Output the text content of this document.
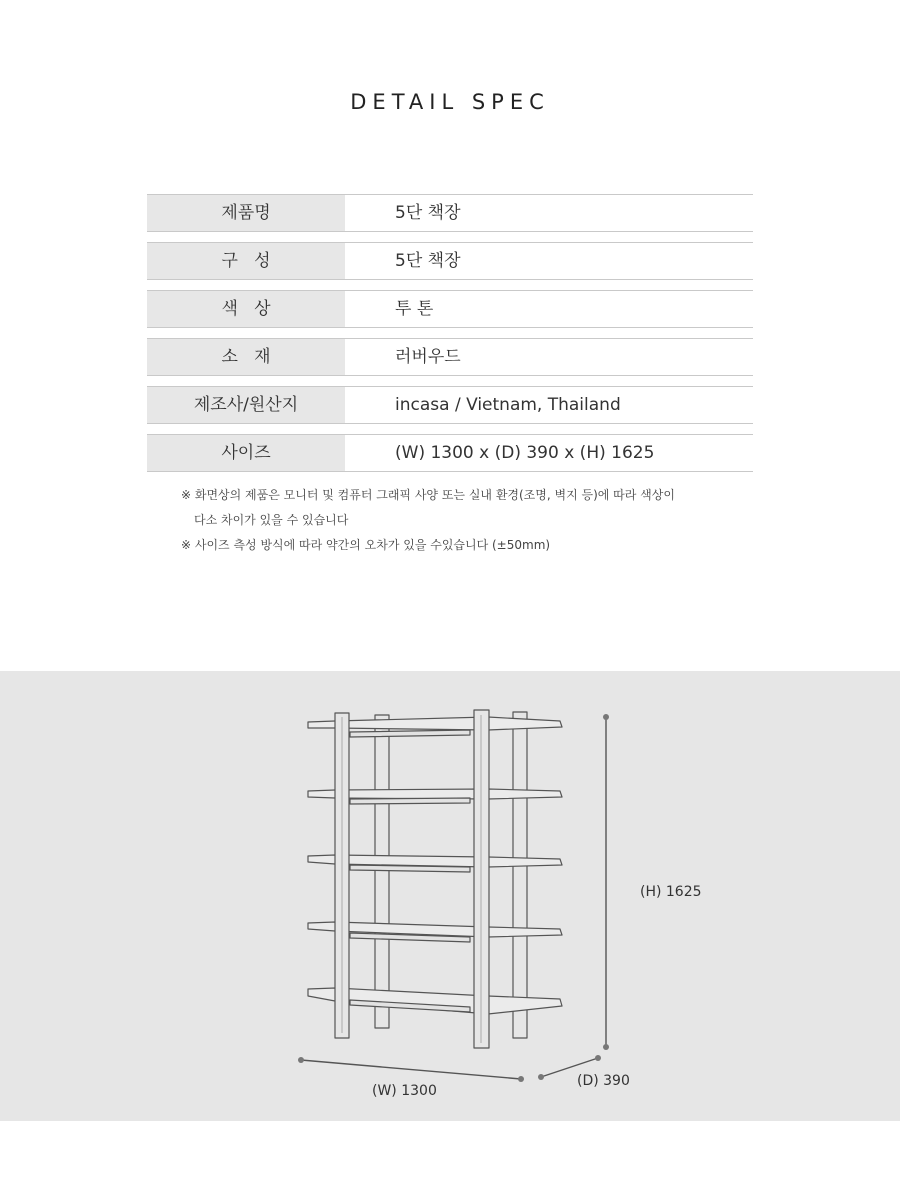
DETAIL SPEC
제품명	5단 책장
구   성	5단 책장
색   상	투 톤
소   재	러버우드
제조사/원산지	incasa / Vietnam, Thailand
사이즈	(W) 1300 x (D) 390 x (H) 1625
※ 화면상의 제품은 모니터 및 컴퓨터 그래픽 사양 또는 실내 환경(조명, 벽지 등)에 따라 색상이
다소 차이가 있을 수 있습니다
※ 사이즈 측성 방식에 따라 약간의 오차가 있을 수있습니다 (±50mm)
(H) 1625
(W) 1300
(D) 390
